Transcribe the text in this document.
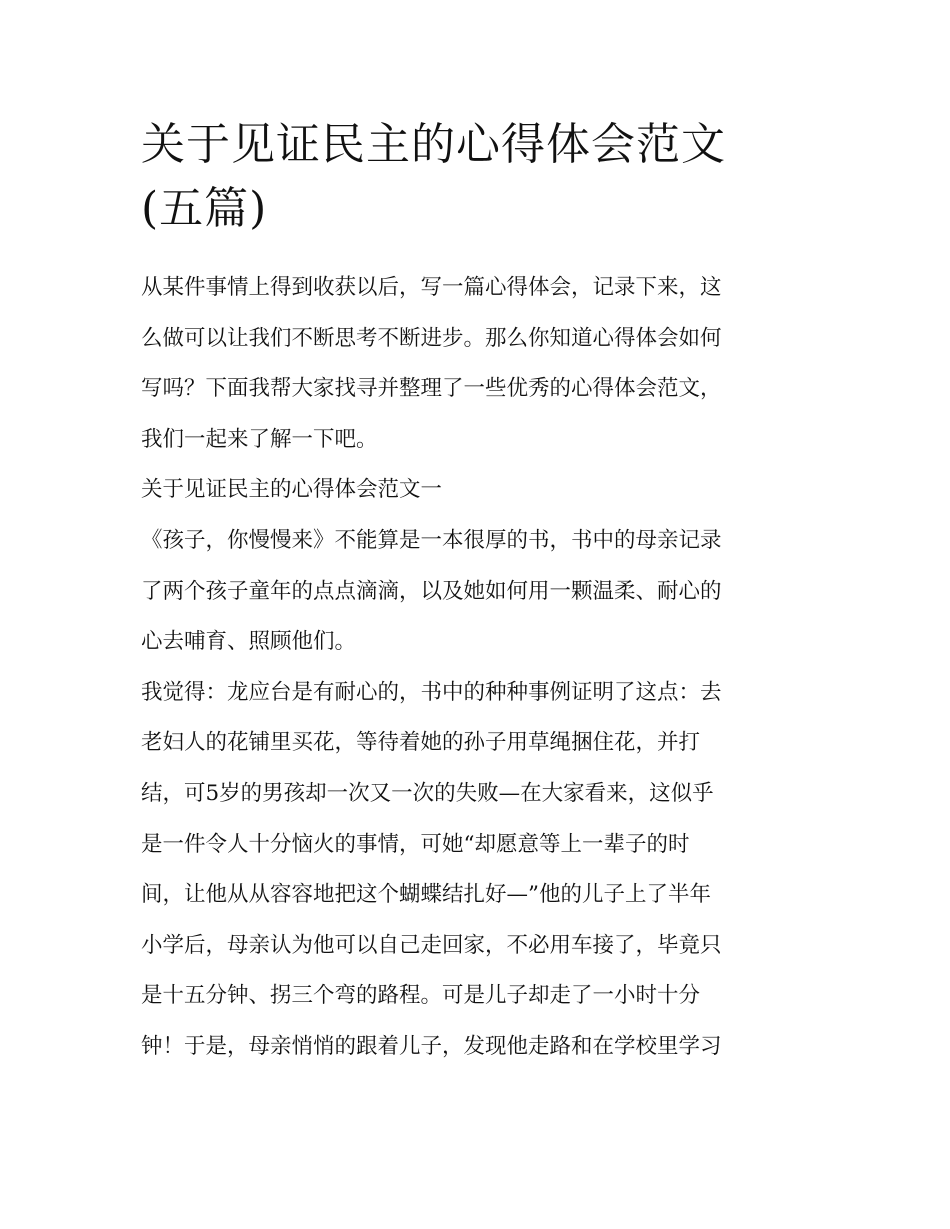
关于见证民主的心得体会范文
(五篇)
从某件事情上得到收获以后，写一篇心得体会，记录下来，这
么做可以让我们不断思考不断进步。那么你知道心得体会如何
写吗？下面我帮大家找寻并整理了一些优秀的心得体会范文，
我们一起来了解一下吧。
关于见证民主的心得体会范文一
《孩子，你慢慢来》不能算是一本很厚的书，书中的母亲记录
了两个孩子童年的点点滴滴，以及她如何用一颗温柔、耐心的
心去哺育、照顾他们。
我觉得：龙应台是有耐心的，书中的种种事例证明了这点：去
老妇人的花铺里买花，等待着她的孙子用草绳捆住花，并打
结，可5岁的男孩却一次又一次的失败—在大家看来，这似乎
是一件令人十分恼火的事情，可她“却愿意等上一辈子的时
间，让他从从容容地把这个蝴蝶结扎好—”他的儿子上了半年
小学后，母亲认为他可以自己走回家，不必用车接了，毕竟只
是十五分钟、拐三个弯的路程。可是儿子却走了一小时十分
钟！于是，母亲悄悄的跟着儿子，发现他走路和在学校里学习
